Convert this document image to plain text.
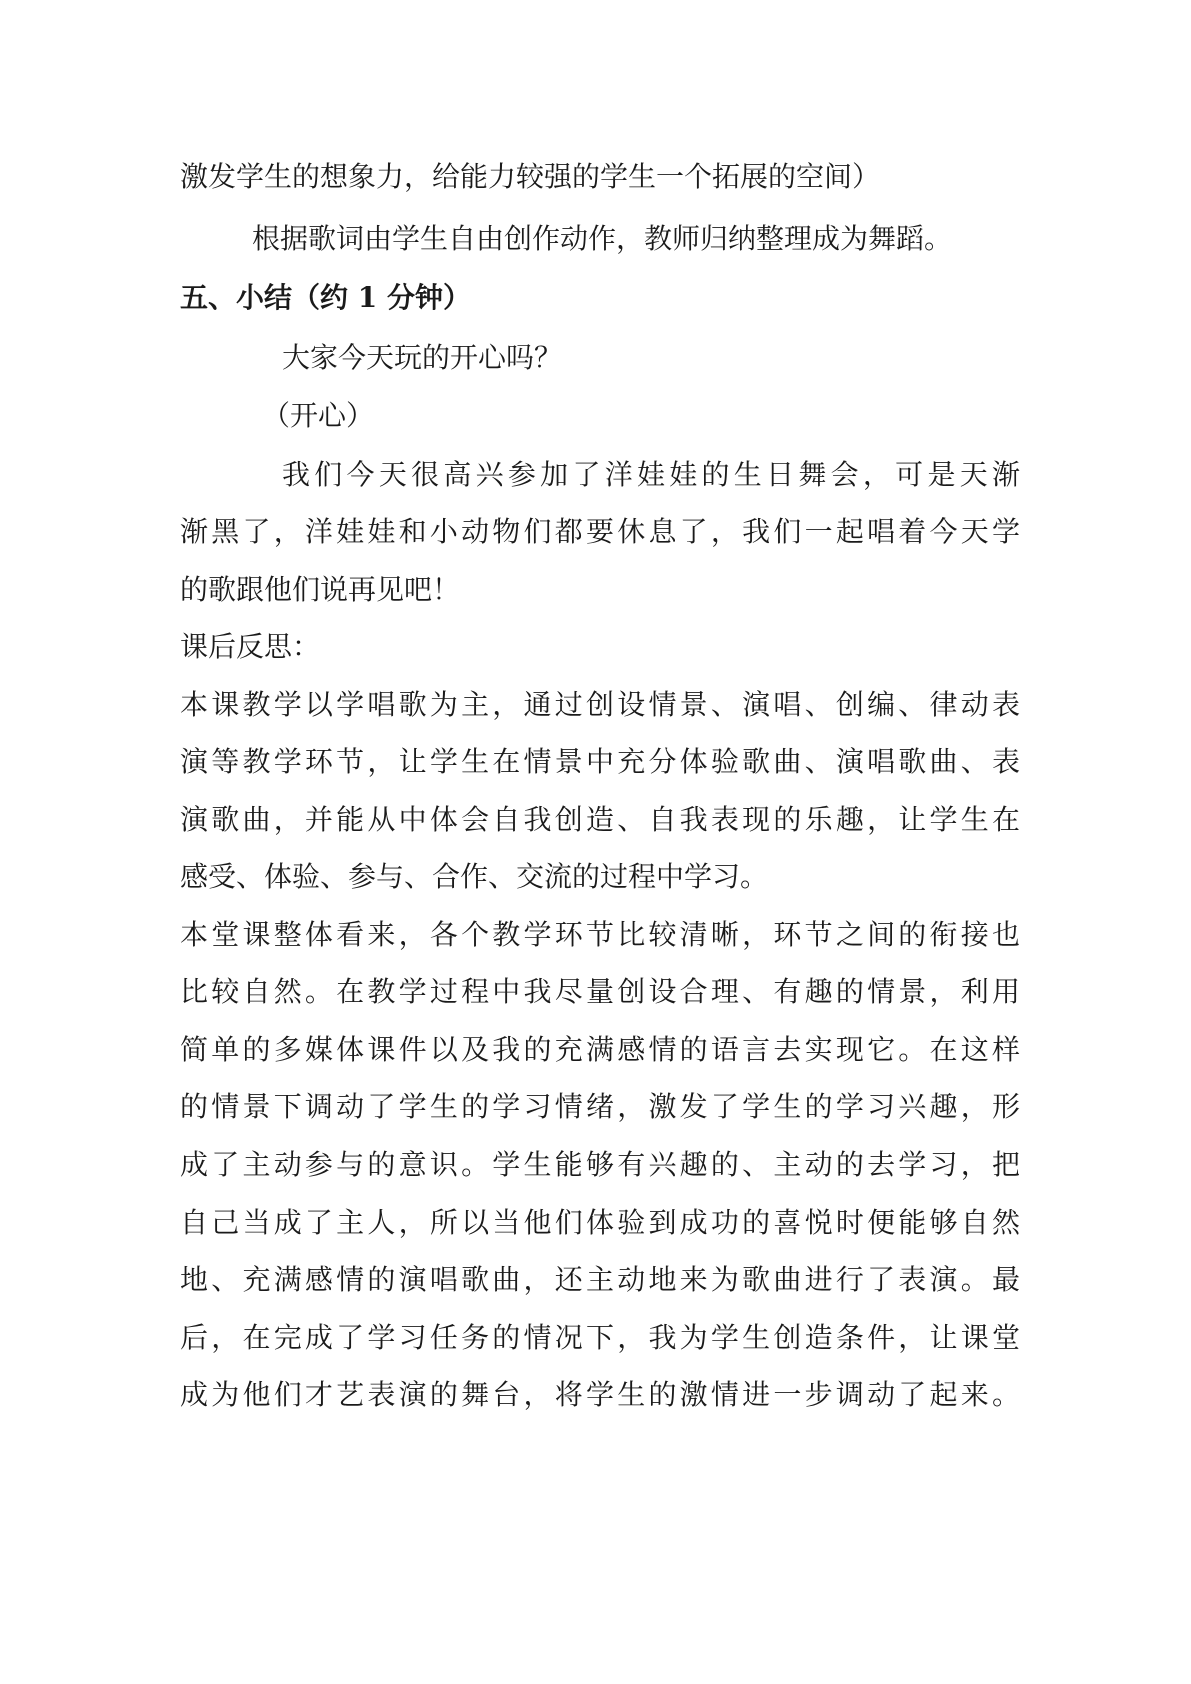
激发学生的想象力，给能力较强的学生一个拓展的空间）

根据歌词由学生自由创作动作，教师归纳整理成为舞蹈。

五、小结（约 1 分钟）

大家今天玩的开心吗？

（开心）

我们今天很高兴参加了洋娃娃的生日舞会，可是天渐

渐黑了，洋娃娃和小动物们都要休息了，我们一起唱着今天学

的歌跟他们说再见吧！

课后反思：

本课教学以学唱歌为主，通过创设情景、演唱、创编、律动表

演等教学环节，让学生在情景中充分体验歌曲、演唱歌曲、表

演歌曲，并能从中体会自我创造、自我表现的乐趣，让学生在

感受、体验、参与、合作、交流的过程中学习。

本堂课整体看来，各个教学环节比较清晰，环节之间的衔接也

比较自然。在教学过程中我尽量创设合理、有趣的情景，利用

简单的多媒体课件以及我的充满感情的语言去实现它。在这样

的情景下调动了学生的学习情绪，激发了学生的学习兴趣，形

成了主动参与的意识。学生能够有兴趣的、主动的去学习，把

自己当成了主人，所以当他们体验到成功的喜悦时便能够自然

地、充满感情的演唱歌曲，还主动地来为歌曲进行了表演。最

后，在完成了学习任务的情况下，我为学生创造条件，让课堂

成为他们才艺表演的舞台，将学生的激情进一步调动了起来。
